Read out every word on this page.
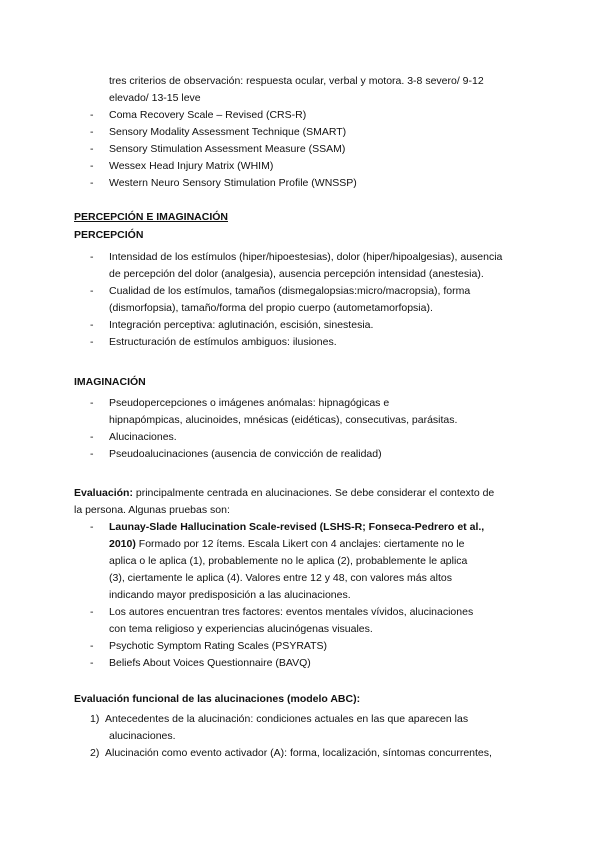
tres criterios de observación: respuesta ocular, verbal y motora. 3-8 severo/ 9-12
elevado/ 13-15 leve
- Coma Recovery Scale – Revised (CRS-R)
- Sensory Modality Assessment Technique (SMART)
- Sensory Stimulation Assessment Measure (SSAM)
- Wessex Head Injury Matrix (WHIM)
- Western Neuro Sensory Stimulation Profile (WNSSP)
PERCEPCIÓN E IMAGINACIÓN
PERCEPCIÓN
- Intensidad de los estímulos (hiper/hipoestesias), dolor (hiper/hipoalgesias), ausencia
de percepción del dolor (analgesia), ausencia percepción intensidad (anestesia).
- Cualidad de los estímulos, tamaños (dismegalopsias:micro/macropsia), forma
(dismorfopsia), tamaño/forma del propio cuerpo (autometamorfopsia).
- Integración perceptiva: aglutinación, escisión, sinestesia.
- Estructuración de estímulos ambiguos: ilusiones.
IMAGINACIÓN
- Pseudopercepciones o imágenes anómalas: hipnagógicas e
hipnapómpicas, alucinoides, mnésicas (eidéticas), consecutivas, parásitas.
- Alucinaciones.
- Pseudoalucinaciones (ausencia de convicción de realidad)
Evaluación: principalmente centrada en alucinaciones. Se debe considerar el contexto de
la persona. Algunas pruebas son:
- Launay-Slade Hallucination Scale-revised (LSHS-R; Fonseca-Pedrero et al.,
2010) Formado por 12 ítems. Escala Likert con 4 anclajes: ciertamente no le
aplica o le aplica (1), probablemente no le aplica (2), probablemente le aplica
(3), ciertamente le aplica (4). Valores entre 12 y 48, con valores más altos
indicando mayor predisposición a las alucinaciones.
- Los autores encuentran tres factores: eventos mentales vívidos, alucinaciones
con tema religioso y experiencias alucinógenas visuales.
- Psychotic Symptom Rating Scales (PSYRATS)
- Beliefs About Voices Questionnaire (BAVQ)
Evaluación funcional de las alucinaciones (modelo ABC):
1) Antecedentes de la alucinación: condiciones actuales en las que aparecen las
alucinaciones.
2) Alucinación como evento activador (A): forma, localización, síntomas concurrentes,
